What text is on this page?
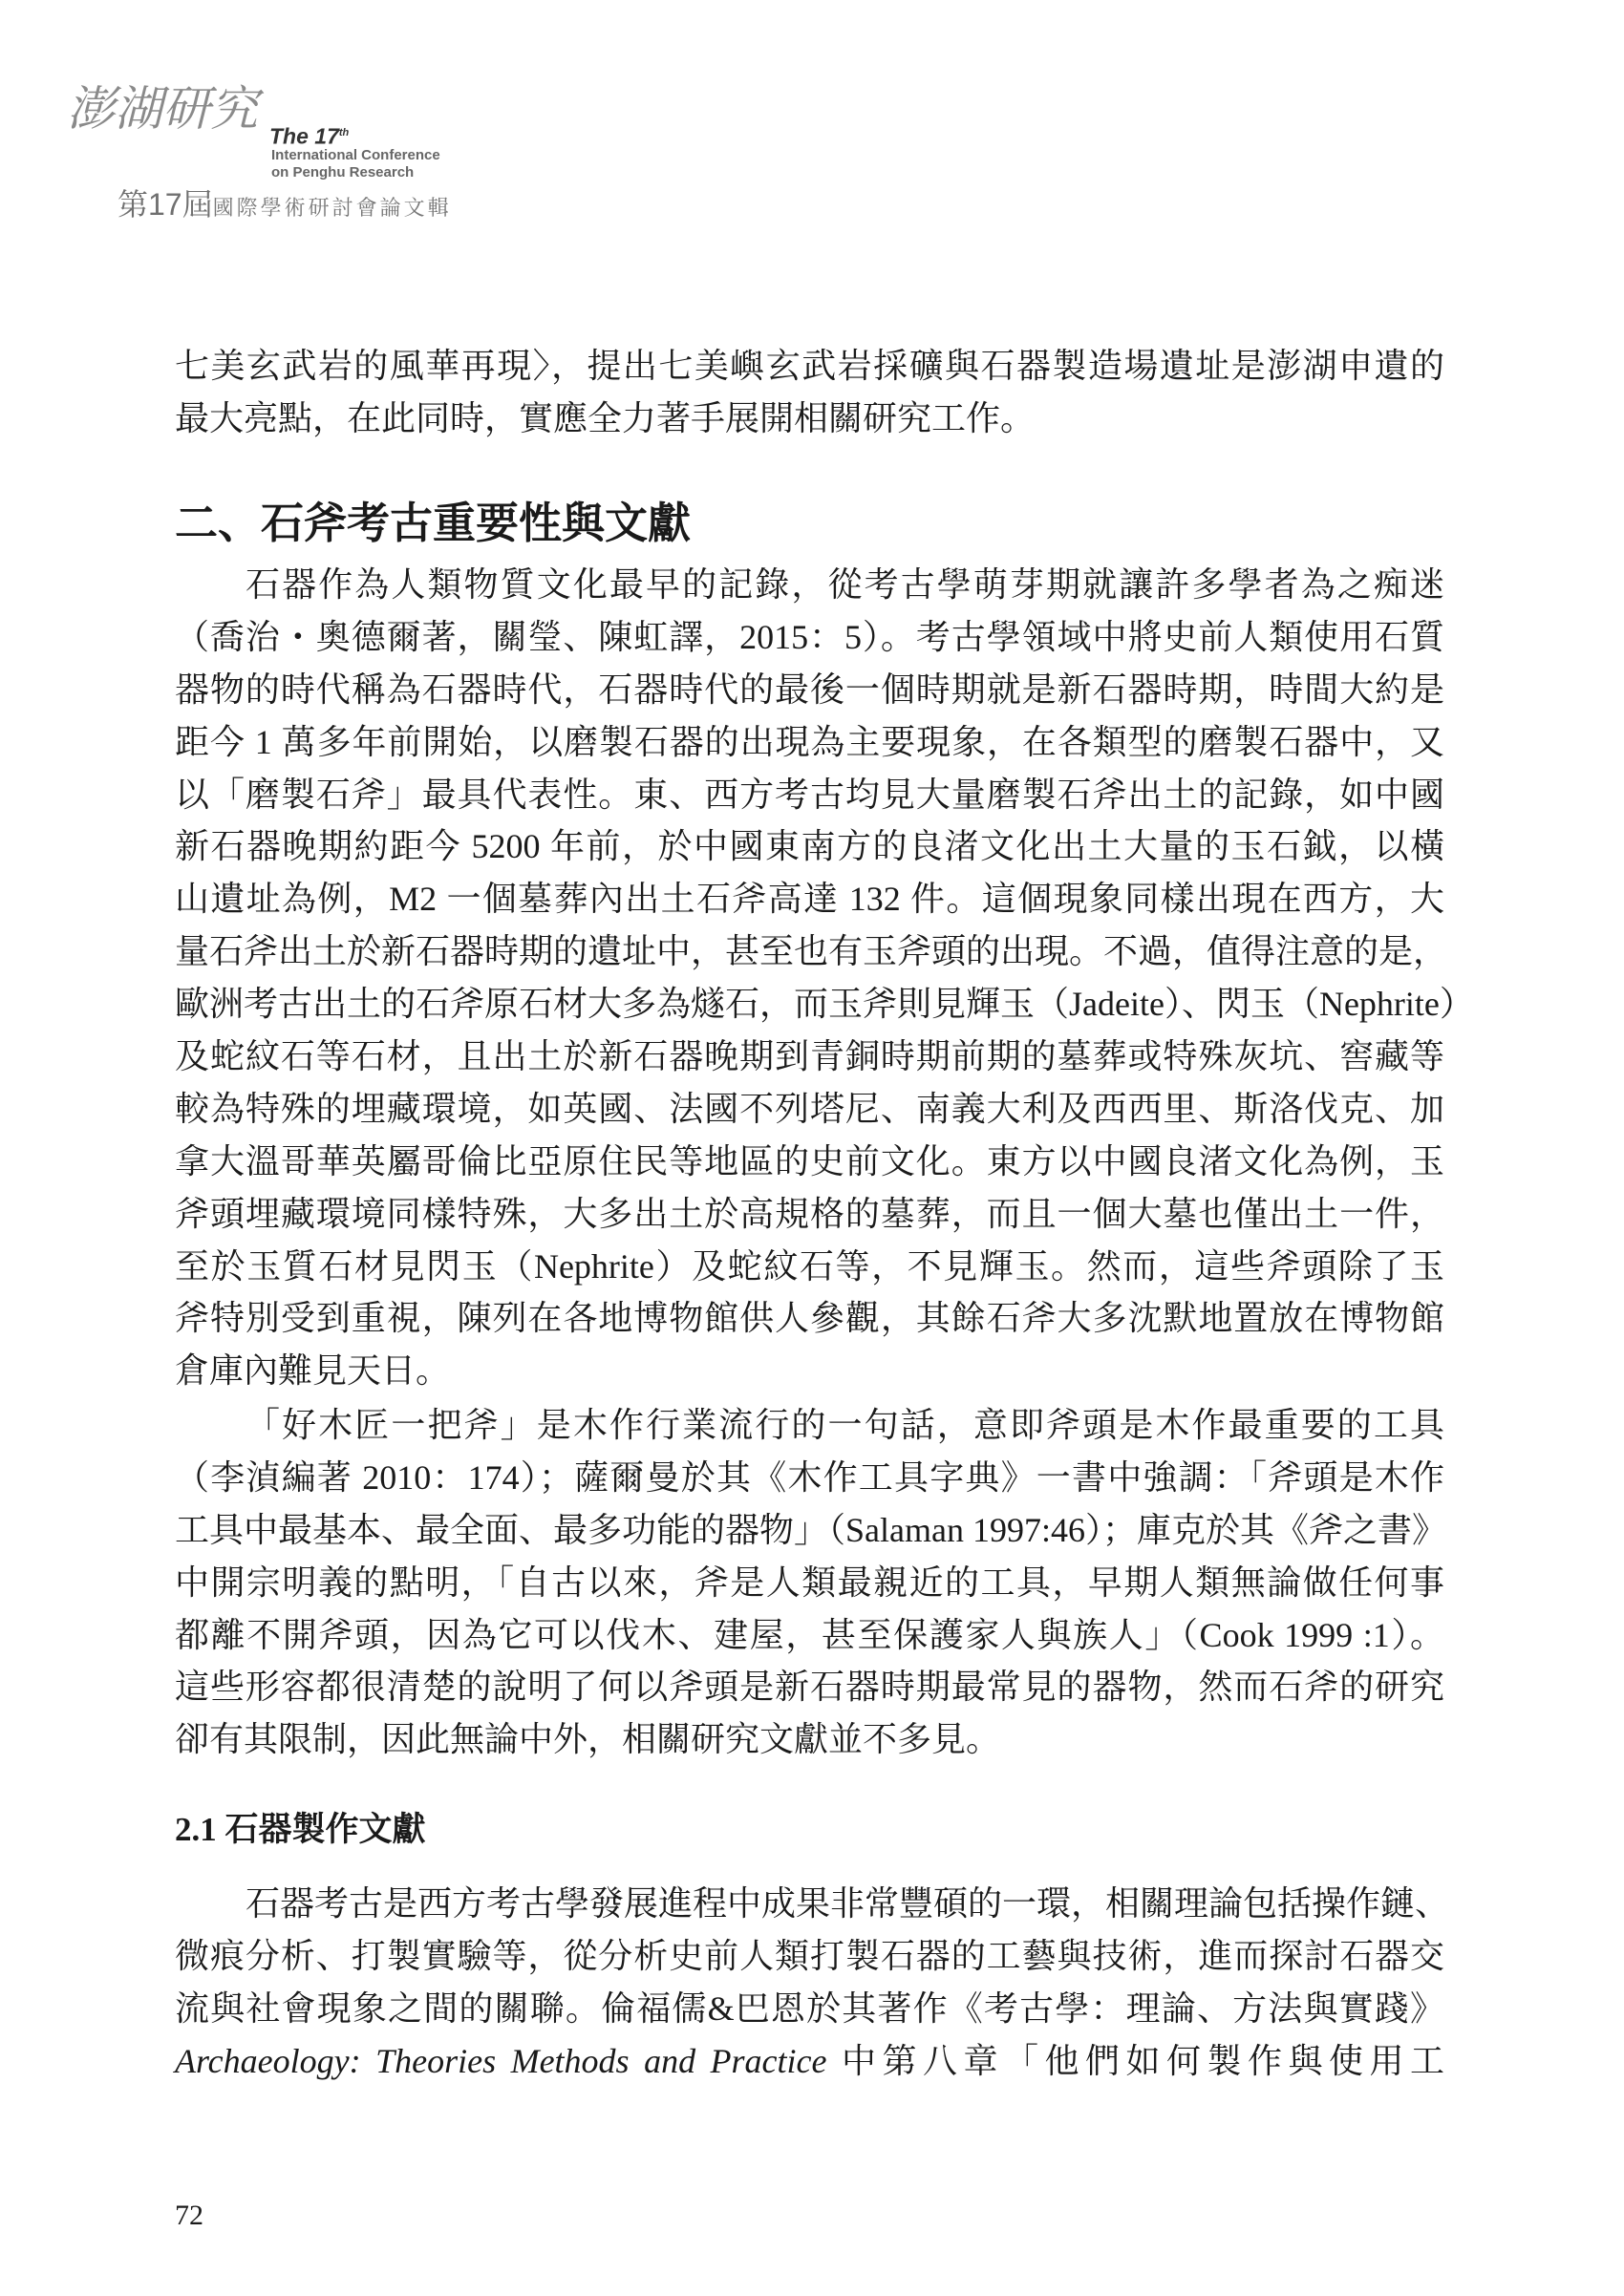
澎湖研究 The 17th
International Conference
on Penghu Research
第17屆國際學術研討會論文輯
七美玄武岩的風華再現〉，提出七美嶼玄武岩採礦與石器製造場遺址是澎湖申遺的
最大亮點，在此同時，實應全力著手展開相關研究工作。
二、石斧考古重要性與文獻
石器作為人類物質文化最早的記錄，從考古學萌芽期就讓許多學者為之痴迷
（喬治・奧德爾著，關瑩、陳虹譯，2015：5）。考古學領域中將史前人類使用石質
器物的時代稱為石器時代，石器時代的最後一個時期就是新石器時期，時間大約是
距今 1 萬多年前開始，以磨製石器的出現為主要現象，在各類型的磨製石器中，又
以「磨製石斧」最具代表性。東、西方考古均見大量磨製石斧出土的記錄，如中國
新石器晚期約距今 5200 年前，於中國東南方的良渚文化出土大量的玉石鉞，以橫
山遺址為例，M2 一個墓葬內出土石斧高達 132 件。這個現象同樣出現在西方，大
量石斧出土於新石器時期的遺址中，甚至也有玉斧頭的出現。不過，值得注意的是，
歐洲考古出土的石斧原石材大多為燧石，而玉斧則見輝玉（Jadeite）、閃玉（Nephrite）
及蛇紋石等石材，且出土於新石器晚期到青銅時期前期的墓葬或特殊灰坑、窖藏等
較為特殊的埋藏環境，如英國、法國不列塔尼、南義大利及西西里、斯洛伐克、加
拿大溫哥華英屬哥倫比亞原住民等地區的史前文化。東方以中國良渚文化為例，玉
斧頭埋藏環境同樣特殊，大多出土於高規格的墓葬，而且一個大墓也僅出土一件，
至於玉質石材見閃玉（Nephrite）及蛇紋石等，不見輝玉。然而，這些斧頭除了玉
斧特別受到重視，陳列在各地博物館供人參觀，其餘石斧大多沈默地置放在博物館
倉庫內難見天日。
「好木匠一把斧」是木作行業流行的一句話，意即斧頭是木作最重要的工具
（李湞編著 2010：174）；薩爾曼於其《木作工具字典》一書中強調：「斧頭是木作
工具中最基本、最全面、最多功能的器物」（Salaman 1997:46）；庫克於其《斧之書》
中開宗明義的點明，「自古以來，斧是人類最親近的工具，早期人類無論做任何事
都離不開斧頭，因為它可以伐木、建屋，甚至保護家人與族人」（Cook 1999 :1）。
這些形容都很清楚的說明了何以斧頭是新石器時期最常見的器物，然而石斧的研究
卻有其限制，因此無論中外，相關研究文獻並不多見。
2.1 石器製作文獻
石器考古是西方考古學發展進程中成果非常豐碩的一環，相關理論包括操作鏈、
微痕分析、打製實驗等，從分析史前人類打製石器的工藝與技術，進而探討石器交
流與社會現象之間的關聯。倫福儒&巴恩於其著作《考古學：理論、方法與實踐》
Archaeology: Theories Methods and Practice 中第八章「他們如何製作與使用工
72
